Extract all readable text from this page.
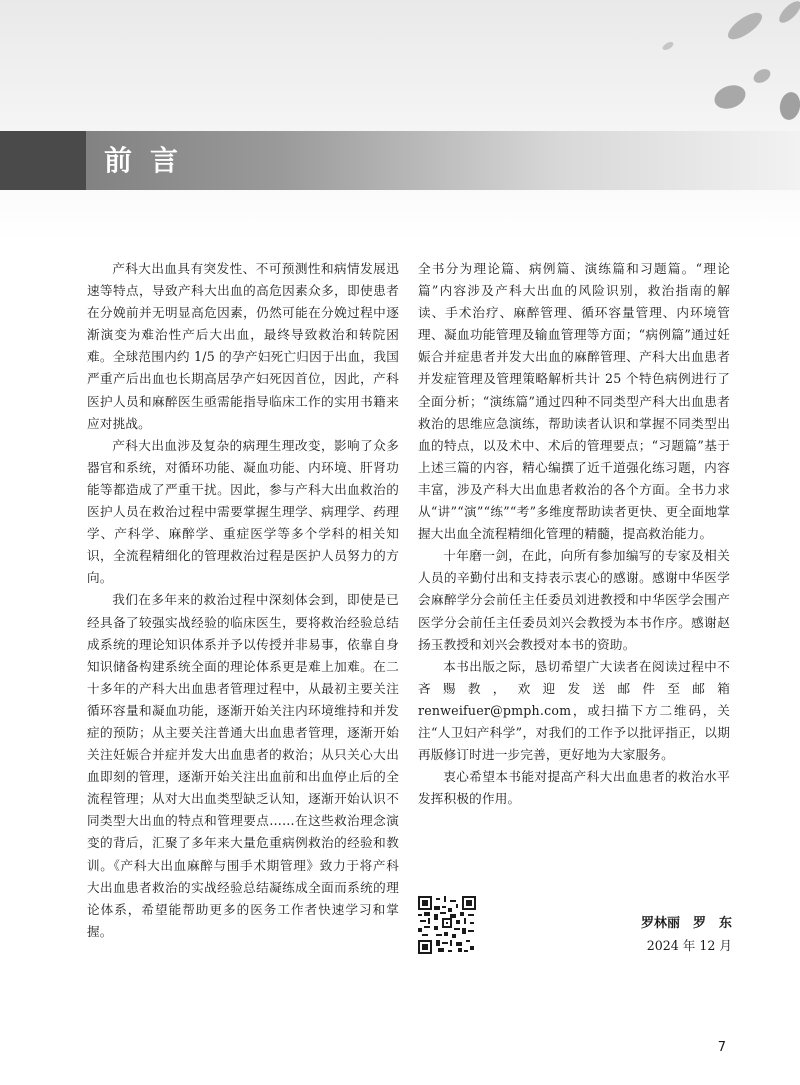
前言

产科大出血具有突发性、不可预测性和病情发展迅速等特点，导致产科大出血的高危因素众多，即使患者在分娩前并无明显高危因素，仍然可能在分娩过程中逐渐演变为难治性产后大出血，最终导致救治和转院困难。全球范围内约 1/5 的孕产妇死亡归因于出血，我国严重产后出血也长期高居孕产妇死因首位，因此，产科医护人员和麻醉医生亟需能指导临床工作的实用书籍来应对挑战。

产科大出血涉及复杂的病理生理改变，影响了众多器官和系统，对循环功能、凝血功能、内环境、肝肾功能等都造成了严重干扰。因此，参与产科大出血救治的医护人员在救治过程中需要掌握生理学、病理学、药理学、产科学、麻醉学、重症医学等多个学科的相关知识，全流程精细化的管理救治过程是医护人员努力的方向。

我们在多年来的救治过程中深刻体会到，即使是已经具备了较强实战经验的临床医生，要将救治经验总结成系统的理论知识体系并予以传授并非易事，依靠自身知识储备构建系统全面的理论体系更是难上加难。在二十多年的产科大出血患者管理过程中，从最初主要关注循环容量和凝血功能，逐渐开始关注内环境维持和并发症的预防；从主要关注普通大出血患者管理，逐渐开始关注妊娠合并症并发大出血患者的救治；从只关心大出血即刻的管理，逐渐开始关注出血前和出血停止后的全流程管理；从对大出血类型缺乏认知，逐渐开始认识不同类型大出血的特点和管理要点……在这些救治理念演变的背后，汇聚了多年来大量危重病例救治的经验和教训。《产科大出血麻醉与围手术期管理》致力于将产科大出血患者救治的实战经验总结凝练成全面而系统的理论体系，希望能帮助更多的医务工作者快速学习和掌握。

全书分为理论篇、病例篇、演练篇和习题篇。“理论篇”内容涉及产科大出血的风险识别，救治指南的解读、手术治疗、麻醉管理、循环容量管理、内环境管理、凝血功能管理及输血管理等方面；“病例篇”通过妊娠合并症患者并发大出血的麻醉管理、产科大出血患者并发症管理及管理策略解析共计 25 个特色病例进行了全面分析；“演练篇”通过四种不同类型产科大出血患者救治的思维应急演练，帮助读者认识和掌握不同类型出血的特点，以及术中、术后的管理要点；“习题篇”基于上述三篇的内容，精心编撰了近千道强化练习题，内容丰富，涉及产科大出血患者救治的各个方面。全书力求从“讲”“演”“练”“考”多维度帮助读者更快、更全面地掌握大出血全流程精细化管理的精髓，提高救治能力。

十年磨一剑，在此，向所有参加编写的专家及相关人员的辛勤付出和支持表示衷心的感谢。感谢中华医学会麻醉学分会前任主任委员刘进教授和中华医学会围产医学分会前任主任委员刘兴会教授为本书作序。感谢赵扬玉教授和刘兴会教授对本书的资助。

本书出版之际，恳切希望广大读者在阅读过程中不吝赐教，欢迎发送邮件至邮箱 renweifuer@pmph.com，或扫描下方二维码，关注“人卫妇产科学”，对我们的工作予以批评指正，以期再版修订时进一步完善，更好地为大家服务。

衷心希望本书能对提高产科大出血患者的救治水平发挥积极的作用。

罗林丽　罗　东
2024 年 12 月
7
